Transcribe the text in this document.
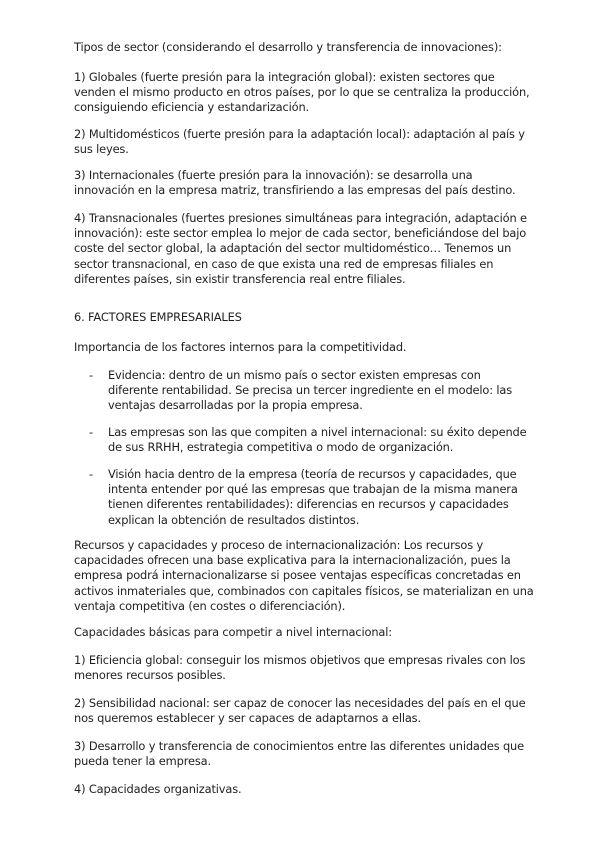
Tipos de sector (considerando el desarrollo y transferencia de innovaciones):

1) Globales (fuerte presión para la integración global): existen sectores que venden el mismo producto en otros países, por lo que se centraliza la producción, consiguiendo eficiencia y estandarización.

2) Multidomésticos (fuerte presión para la adaptación local): adaptación al país y sus leyes.

3) Internacionales (fuerte presión para la innovación): se desarrolla una innovación en la empresa matriz, transfiriendo a las empresas del país destino.

4) Transnacionales (fuertes presiones simultáneas para integración, adaptación e innovación): este sector emplea lo mejor de cada sector, beneficiándose del bajo coste del sector global, la adaptación del sector multidoméstico… Tenemos un sector transnacional, en caso de que exista una red de empresas filiales en diferentes países, sin existir transferencia real entre filiales.

6. FACTORES EMPRESARIALES

Importancia de los factores internos para la competitividad.

- Evidencia: dentro de un mismo país o sector existen empresas con diferente rentabilidad. Se precisa un tercer ingrediente en el modelo: las ventajas desarrolladas por la propia empresa.
- Las empresas son las que compiten a nivel internacional: su éxito depende de sus RRHH, estrategia competitiva o modo de organización.
- Visión hacia dentro de la empresa (teoría de recursos y capacidades, que intenta entender por qué las empresas que trabajan de la misma manera tienen diferentes rentabilidades): diferencias en recursos y capacidades explican la obtención de resultados distintos.

Recursos y capacidades y proceso de internacionalización: Los recursos y capacidades ofrecen una base explicativa para la internacionalización, pues la empresa podrá internacionalizarse si posee ventajas específicas concretadas en activos inmateriales que, combinados con capitales físicos, se materializan en una ventaja competitiva (en costes o diferenciación).

Capacidades básicas para competir a nivel internacional:

1) Eficiencia global: conseguir los mismos objetivos que empresas rivales con los menores recursos posibles.

2) Sensibilidad nacional: ser capaz de conocer las necesidades del país en el que nos queremos establecer y ser capaces de adaptarnos a ellas.

3) Desarrollo y transferencia de conocimientos entre las diferentes unidades que pueda tener la empresa.

4) Capacidades organizativas.
